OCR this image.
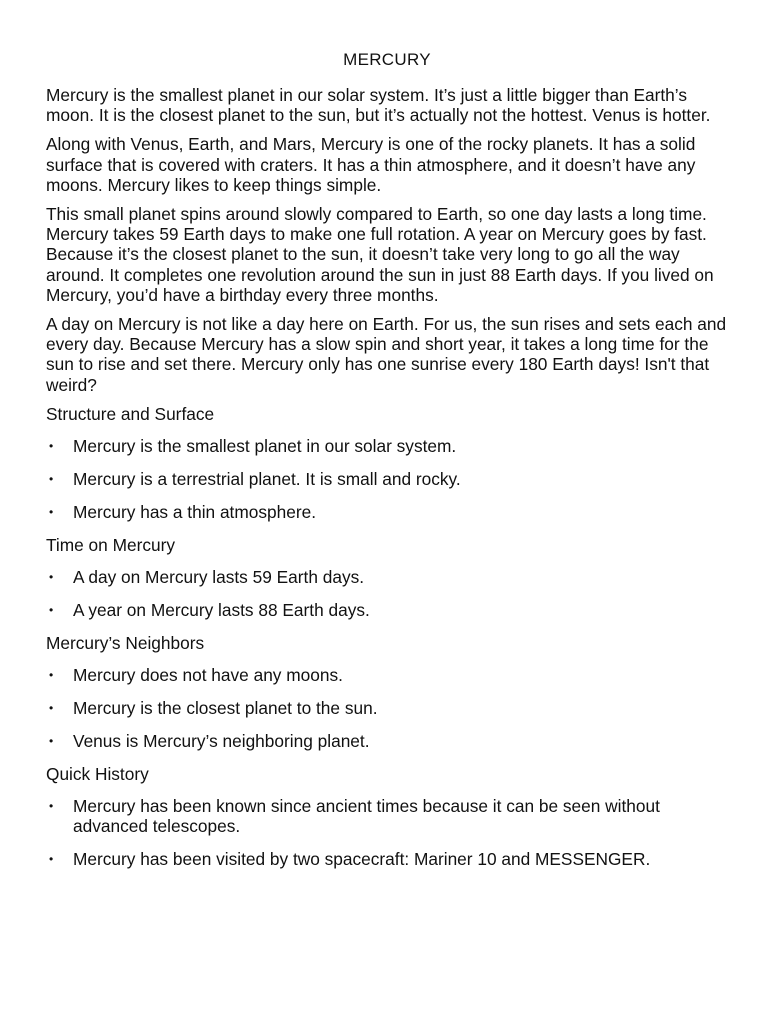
MERCURY

Mercury is the smallest planet in our solar system. It’s just a little bigger than Earth’s moon. It is the closest planet to the sun, but it’s actually not the hottest. Venus is hotter.

Along with Venus, Earth, and Mars, Mercury is one of the rocky planets. It has a solid surface that is covered with craters. It has a thin atmosphere, and it doesn’t have any moons. Mercury likes to keep things simple.

This small planet spins around slowly compared to Earth, so one day lasts a long time. Mercury takes 59 Earth days to make one full rotation. A year on Mercury goes by fast. Because it’s the closest planet to the sun, it doesn’t take very long to go all the way around. It completes one revolution around the sun in just 88 Earth days. If you lived on Mercury, you’d have a birthday every three months.

A day on Mercury is not like a day here on Earth. For us, the sun rises and sets each and every day. Because Mercury has a slow spin and short year, it takes a long time for the sun to rise and set there. Mercury only has one sunrise every 180 Earth days! Isn't that weird?

Structure and Surface
• Mercury is the smallest planet in our solar system.
• Mercury is a terrestrial planet. It is small and rocky.
• Mercury has a thin atmosphere.
Time on Mercury
• A day on Mercury lasts 59 Earth days.
• A year on Mercury lasts 88 Earth days.
Mercury’s Neighbors
• Mercury does not have any moons.
• Mercury is the closest planet to the sun.
• Venus is Mercury’s neighboring planet.
Quick History
• Mercury has been known since ancient times because it can be seen without advanced telescopes.
• Mercury has been visited by two spacecraft: Mariner 10 and MESSENGER.
